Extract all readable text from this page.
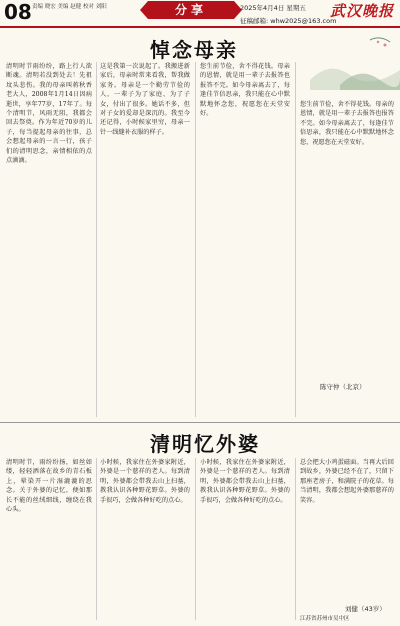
08 责编 晓宏 美编 赵健 校对 刘阳	分享	2025年4月4日 星期五 武汉晚报
征稿邮箱: whw2025@163.com
悼念母亲
清明时节雨纷纷，路上行人欲断魂。清明若没到处去！先祖坟头悲伤。我的母亲叫蒋秋香老大人，2008年1月14日因病逝世，享年77岁，17年了。每个清明节，风雨无阻，我都会回去祭奠。作为年近70岁的儿子，每当提起母亲的往事，总会想起母亲的一言一行，孩子们的清明思念，亲情相依的点点滴滴。
这是我第一次说起了。我搬进新家后，母亲时常来看我，帮我做家务。母亲是一个勤劳节俭的人，一辈子为了家庭、为了子女，付出了很多。她话不多，但对子女的爱却是深沉的。我至今还记得，小时候家里穷，母亲一针一线缝补衣服的样子。
您生前节俭，舍不得花钱。母亲的恩情，就是用一辈子去报答也报答不完。如今母亲离去了，每逢佳节倍思亲，我只能在心中默默地怀念您，祝愿您在天堂安好。
您生前节俭，舍不得花钱。母亲的恩情，就是用一辈子去报答也报答不完。如今母亲离去了，每逢佳节倍思亲，我只能在心中默默地怀念您，祝愿您在天堂安好。
陈守仲（北京）
清明忆外婆
清明时节，雨纷纷扬，如丝如缕，轻轻洒落在故乡的青石板上，晕染开一片湿漉漉的思念。关于外婆的记忆，便如那长不能的丝绒细线，缠绕在我心头。
小时候，我家住在外婆家附近，外婆是一个慈祥的老人。每到清明，外婆都会带我去山上扫墓，教我认识各种野花野草。外婆的手很巧，会做各种好吃的点心。
小时候，我家住在外婆家附近，外婆是一个慈祥的老人。每到清明，外婆都会带我去山上扫墓，教我认识各种野花野草。外婆的手很巧，会做各种好吃的点心。
总会把大小鸡蛋磁面。当再大后回到故乡，外婆已经不在了，只留下那座老房子，和满院子的花草。每当清明，我都会想起外婆那慈祥的笑容。
刘健（43岁）
江苏省苏州市吴中区
